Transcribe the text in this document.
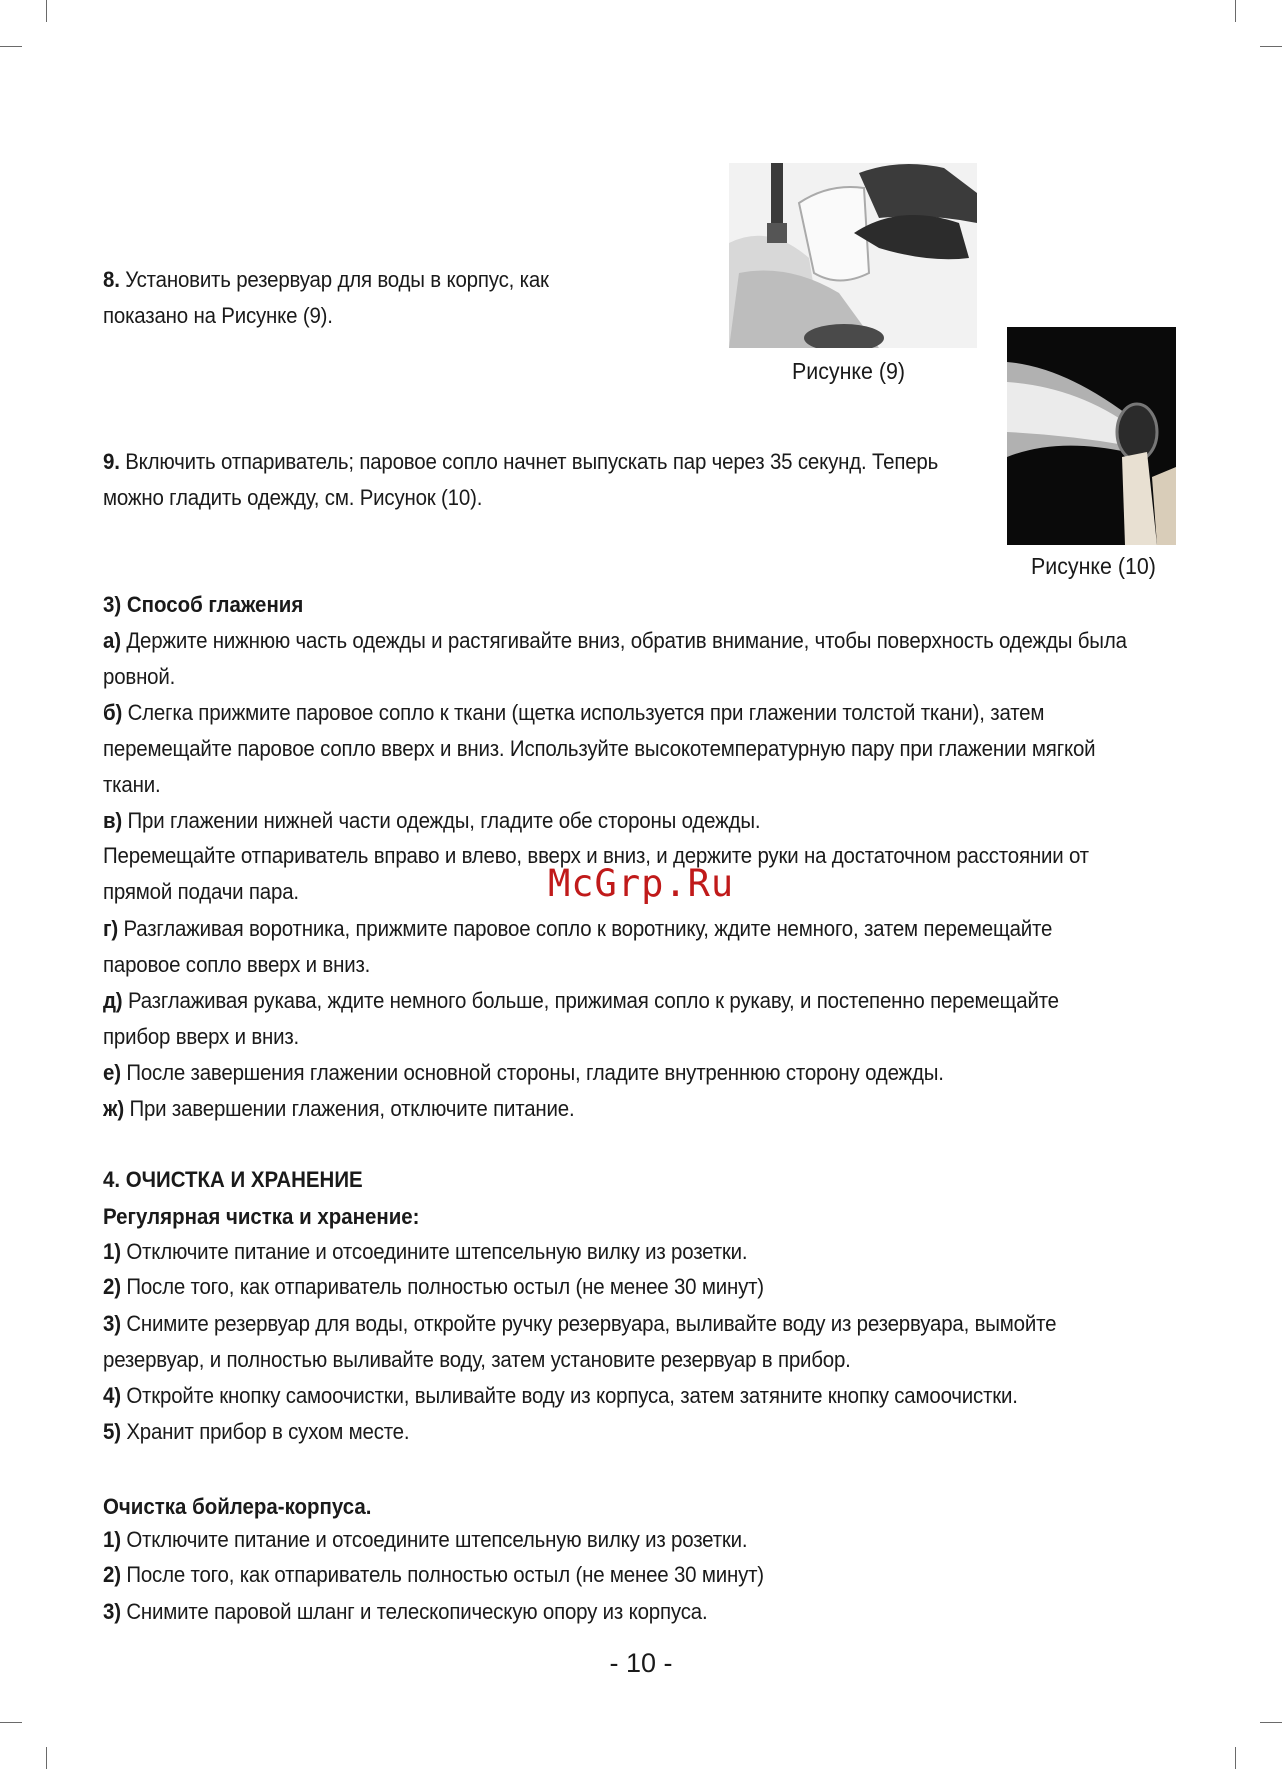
8. Установить резервуар для воды в корпус, как показано на Рисунке (9).
Рисунке (9)
Рисунке (10)
9. Включить отпариватель; паровое сопло начнет выпускать пар через 35 секунд. Теперь можно гладить одежду, см. Рисунок (10).
3) Способ глажения
а) Держите нижнюю часть одежды и растягивайте вниз, обратив внимание, чтобы поверхность одежды была ровной.
б) Слегка прижмите паровое сопло к ткани (щетка используется при глажении толстой ткани), затем перемещайте паровое сопло вверх и вниз. Используйте высокотемпературную пару при глажении мягкой ткани.
в) При глажении нижней части одежды, гладите обе стороны одежды.
Перемещайте отпариватель вправо и влево, вверх и вниз, и держите руки на достаточном расстоянии от прямой подачи пара.
г) Разглаживая воротника, прижмите паровое сопло к воротнику, ждите немного, затем перемещайте паровое сопло вверх и вниз.
д) Разглаживая рукава, ждите немного больше, прижимая сопло к рукаву, и постепенно перемещайте прибор вверх и вниз.
е) После завершения глажении основной стороны, гладите внутреннюю сторону одежды.
ж) При завершении глажения, отключите питание.
McGrp.Ru
4. ОЧИСТКА И ХРАНЕНИЕ
Регулярная чистка и хранение:
1) Отключите питание и отсоедините штепсельную вилку из розетки.
2) После того, как отпариватель полностью остыл (не менее 30 минут)
3) Снимите резервуар для воды, откройте ручку резервуара, выливайте воду из резервуара, вымойте резервуар, и полностью выливайте воду, затем установите резервуар в прибор.
4) Откройте кнопку самоочистки, выливайте воду из корпуса, затем затяните кнопку самоочистки.
5) Хранит прибор в сухом месте.
Очистка бойлера-корпуса.
1) Отключите питание и отсоедините штепсельную вилку из розетки.
2) После того, как отпариватель полностью остыл (не менее 30 минут)
3) Снимите паровой шланг и телескопическую опору из корпуса.
- 10 -
